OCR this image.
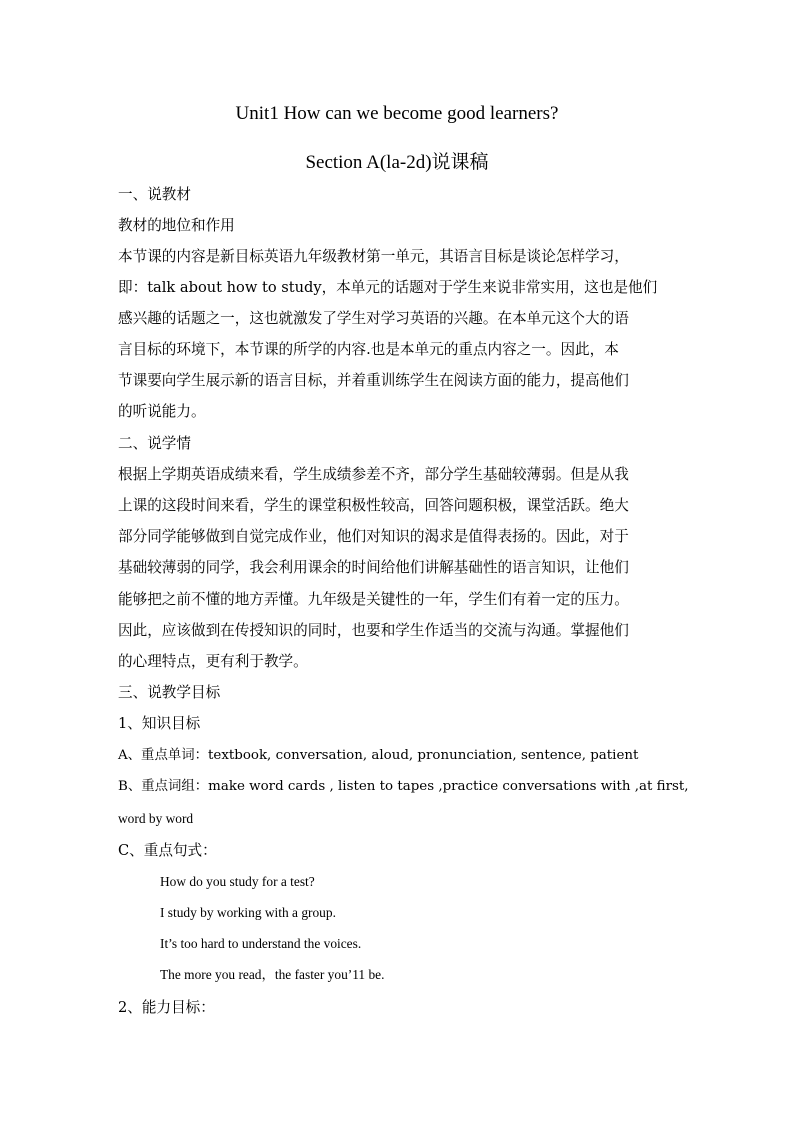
Unit1 How can we become good learners?
Section A(la-2d)说课稿
一、说教材
教材的地位和作用
本节课的内容是新目标英语九年级教材第一单元，其语言目标是谈论怎样学习，
即：talk about how to study，本单元的话题对于学生来说非常实用，这也是他们
感兴趣的话题之一，这也就激发了学生对学习英语的兴趣。在本单元这个大的语
言目标的环境下，本节课的所学的内容.也是本单元的重点内容之一。因此，本
节课要向学生展示新的语言目标，并着重训练学生在阅读方面的能力，提高他们
的听说能力。
二、说学情
根据上学期英语成绩来看，学生成绩参差不齐，部分学生基础较薄弱。但是从我
上课的这段时间来看，学生的课堂积极性较高，回答问题积极，课堂活跃。绝大
部分同学能够做到自觉完成作业，他们对知识的渴求是值得表扬的。因此，对于
基础较薄弱的同学，我会利用课余的时间给他们讲解基础性的语言知识，让他们
能够把之前不懂的地方弄懂。九年级是关键性的一年，学生们有着一定的压力。
因此，应该做到在传授知识的同时，也要和学生作适当的交流与沟通。掌握他们
的心理特点，更有利于教学。
三、说教学目标
1、知识目标
A、重点单词：textbook, conversation, aloud, pronunciation, sentence, patient
B、重点词组：make word cards , listen to tapes ,practice conversations with ,at first,
word by word
C、重点句式：
How do you study for a test?
I study by working with a group.
It’s too hard to understand the voices.
The more you read，the faster you’11 be.
2、能力目标：
